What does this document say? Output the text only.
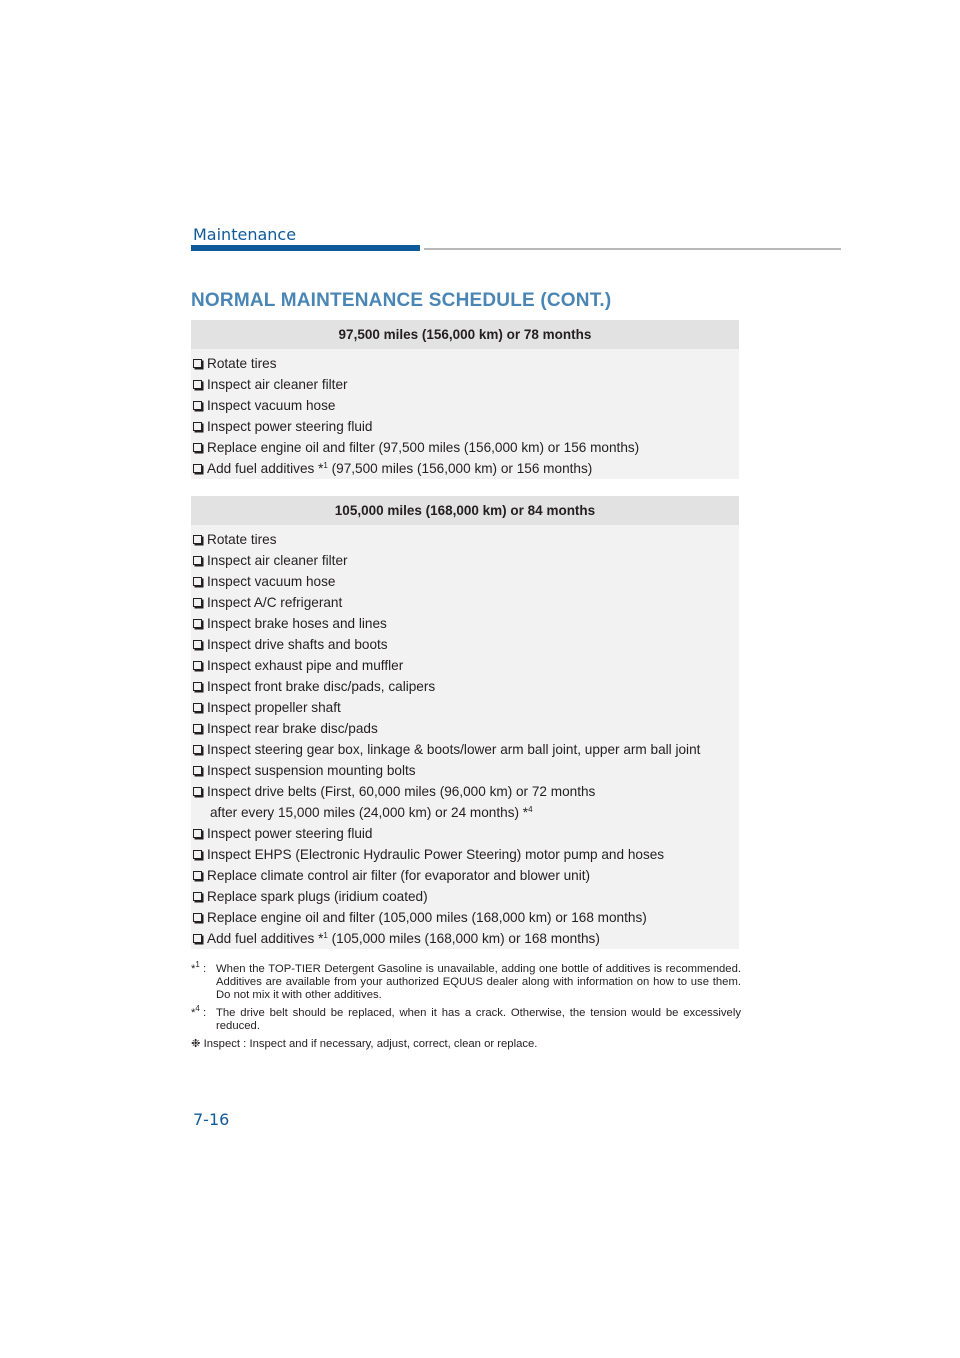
Maintenance
NORMAL MAINTENANCE SCHEDULE (CONT.)
97,500 miles (156,000 km) or 78 months
Rotate tires
Inspect air cleaner filter
Inspect vacuum hose
Inspect power steering fluid
Replace engine oil and filter (97,500 miles (156,000 km) or 156 months)
Add fuel additives *$^1$ (97,500 miles (156,000 km) or 156 months)
105,000 miles (168,000 km) or 84 months
Rotate tires
Inspect air cleaner filter
Inspect vacuum hose
Inspect A/C refrigerant
Inspect brake hoses and lines
Inspect drive shafts and boots
Inspect exhaust pipe and muffler
Inspect front brake disc/pads, calipers
Inspect propeller shaft
Inspect rear brake disc/pads
Inspect steering gear box, linkage & boots/lower arm ball joint, upper arm ball joint
Inspect suspension mounting bolts
Inspect drive belts (First, 60,000 miles (96,000 km) or 72 months
after every 15,000 miles (24,000 km) or 24 months) *$^4$
Inspect power steering fluid
Inspect EHPS (Electronic Hydraulic Power Steering) motor pump and hoses
Replace climate control air filter (for evaporator and blower unit)
Replace spark plugs (iridium coated)
Replace engine oil and filter (105,000 miles (168,000 km) or 168 months)
Add fuel additives *$^1$ (105,000 miles (168,000 km) or 168 months)
*$^1$ : When the TOP-TIER Detergent Gasoline is unavailable, adding one bottle of additives is recommended. Additives are available from your authorized EQUUS dealer along with information on how to use them. Do not mix it with other additives.
*$^4$ : The drive belt should be replaced, when it has a crack. Otherwise, the tension would be excessively reduced.
❉ Inspect : Inspect and if necessary, adjust, correct, clean or replace.
7-16
